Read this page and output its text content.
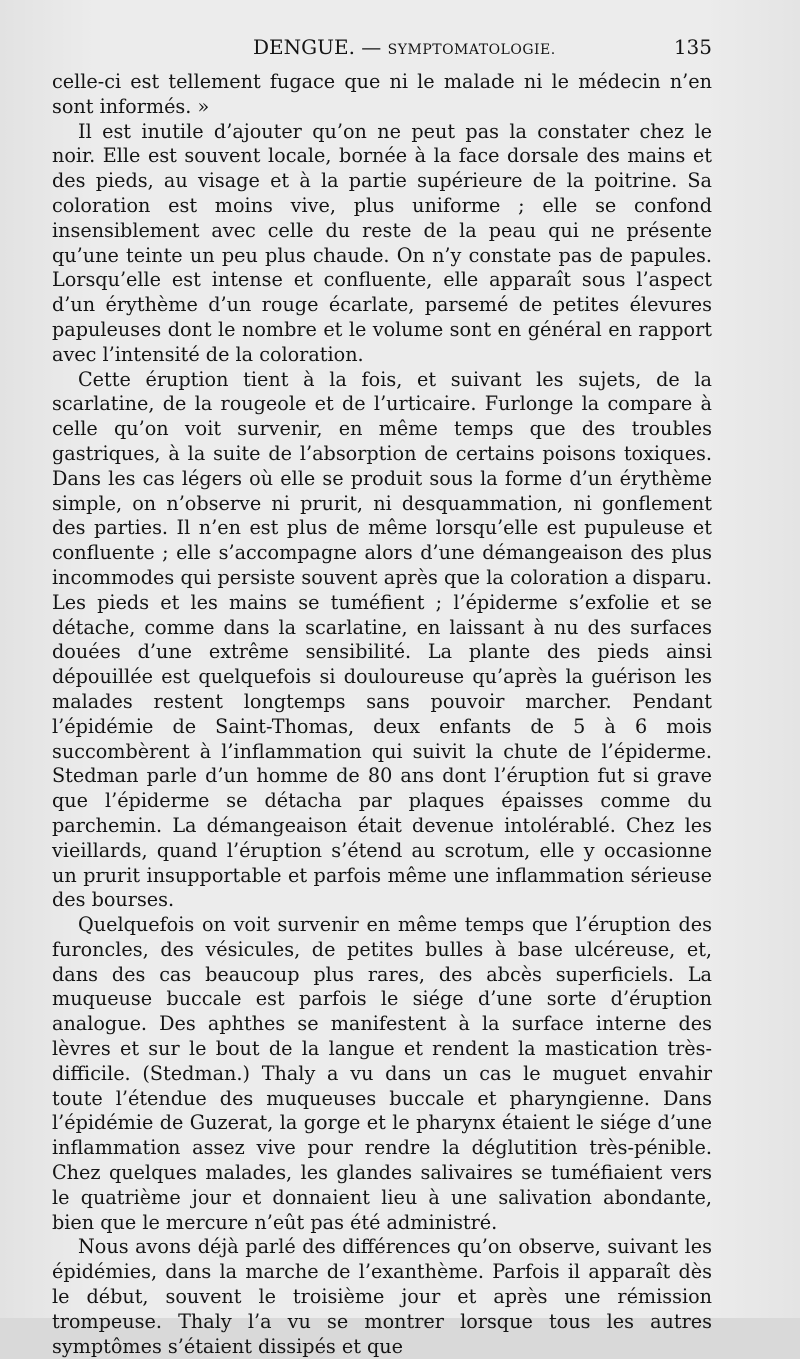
DENGUE. — SYMPTOMATOLOGIE.	135

celle-ci est tellement fugace que ni le malade ni le médecin n’en sont informés. »

Il est inutile d’ajouter qu’on ne peut pas la constater chez le noir. Elle est souvent locale, bornée à la face dorsale des mains et des pieds, au visage et à la partie supérieure de la poitrine. Sa coloration est moins vive, plus uniforme ; elle se confond insensiblement avec celle du reste de la peau qui ne présente qu’une teinte un peu plus chaude. On n’y constate pas de papules. Lorsqu’elle est intense et confluente, elle apparaît sous l’aspect d’un érythème d’un rouge écarlate, parsemé de petites élevures papuleuses dont le nombre et le volume sont en général en rapport avec l’intensité de la coloration.

Cette éruption tient à la fois, et suivant les sujets, de la scarlatine, de la rougeole et de l’urticaire. Furlonge la compare à celle qu’on voit survenir, en même temps que des troubles gastriques, à la suite de l’absorption de certains poisons toxiques. Dans les cas légers où elle se produit sous la forme d’un érythème simple, on n’observe ni prurit, ni desquammation, ni gonflement des parties. Il n’en est plus de même lorsqu’elle est pupuleuse et confluente ; elle s’accompagne alors d’une démangeaison des plus incommodes qui persiste souvent après que la coloration a disparu. Les pieds et les mains se tuméfient ; l’épiderme s’exfolie et se détache, comme dans la scarlatine, en laissant à nu des surfaces douées d’une extrême sensibilité. La plante des pieds ainsi dépouillée est quelquefois si douloureuse qu’après la guérison les malades restent longtemps sans pouvoir marcher. Pendant l’épidémie de Saint-Thomas, deux enfants de 5 à 6 mois succombèrent à l’inflammation qui suivit la chute de l’épiderme. Stedman parle d’un homme de 80 ans dont l’éruption fut si grave que l’épiderme se détacha par plaques épaisses comme du parchemin. La démangeaison était devenue intolérablé. Chez les vieillards, quand l’éruption s’étend au scrotum, elle y occasionne un prurit insupportable et parfois même une inflammation sérieuse des bourses.

Quelquefois on voit survenir en même temps que l’éruption des furoncles, des vésicules, de petites bulles à base ulcéreuse, et, dans des cas beaucoup plus rares, des abcès superficiels. La muqueuse buccale est parfois le siége d’une sorte d’éruption analogue. Des aphthes se manifestent à la surface interne des lèvres et sur le bout de la langue et rendent la mastication très-difficile. (Stedman.) Thaly a vu dans un cas le muguet envahir toute l’étendue des muqueuses buccale et pharyngienne. Dans l’épidémie de Guzerat, la gorge et le pharynx étaient le siége d’une inflammation assez vive pour rendre la déglutition très-pénible. Chez quelques malades, les glandes salivaires se tuméfiaient vers le quatrième jour et donnaient lieu à une salivation abondante, bien que le mercure n’eût pas été administré.

Nous avons déjà parlé des différences qu’on observe, suivant les épidémies, dans la marche de l’exanthème. Parfois il apparaît dès le début, souvent le troisième jour et après une rémission trompeuse. Thaly l’a vu se montrer lorsque tous les autres symptômes s’étaient dissipés et que
